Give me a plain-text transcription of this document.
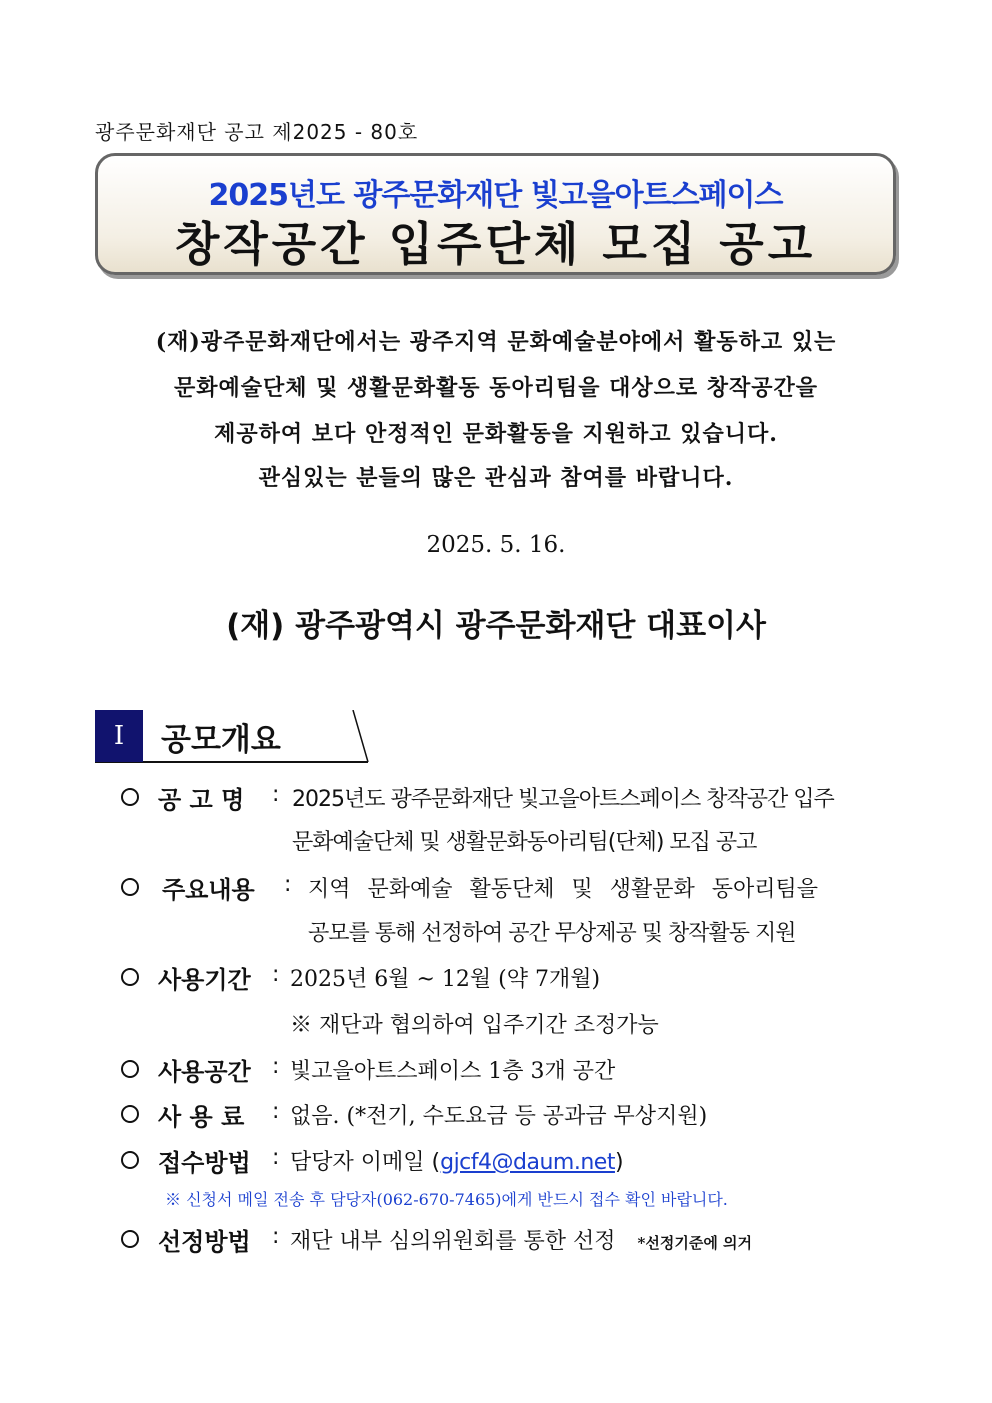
광주문화재단 공고 제2025 - 80호
2025년도 광주문화재단 빛고을아트스페이스
창작공간 입주단체 모집 공고
(재)광주문화재단에서는 광주지역 문화예술분야에서 활동하고 있는
문화예술단체 및 생활문화활동 동아리팀을 대상으로 창작공간을
제공하여 보다 안정적인 문화활동을 지원하고 있습니다.
관심있는 분들의 많은 관심과 참여를 바랍니다.
2025. 5. 16.
(재) 광주광역시 광주문화재단 대표이사
Ⅰ	공모개요
공 고 명 : 2025년도 광주문화재단 빛고을아트스페이스 창작공간 입주
문화예술단체 및 생활문화동아리팀(단체) 모집 공고
주요내용 : 지역 문화예술 활동단체 및 생활문화 동아리팀을
공모를 통해 선정하여 공간 무상제공 및 창작활동 지원
사용기간 : 2025년 6월 ~ 12월 (약 7개월)
※ 재단과 협의하여 입주기간 조정가능
사용공간 : 빛고을아트스페이스 1층 3개 공간
사 용 료 : 없음. (*전기, 수도요금 등 공과금 무상지원)
접수방법 : 담당자 이메일 (gjcf4@daum.net)
※ 신청서 메일 전송 후 담당자(062-670-7465)에게 반드시 접수 확인 바랍니다.
선정방법 : 재단 내부 심의위원회를 통한 선정 *선정기준에 의거
